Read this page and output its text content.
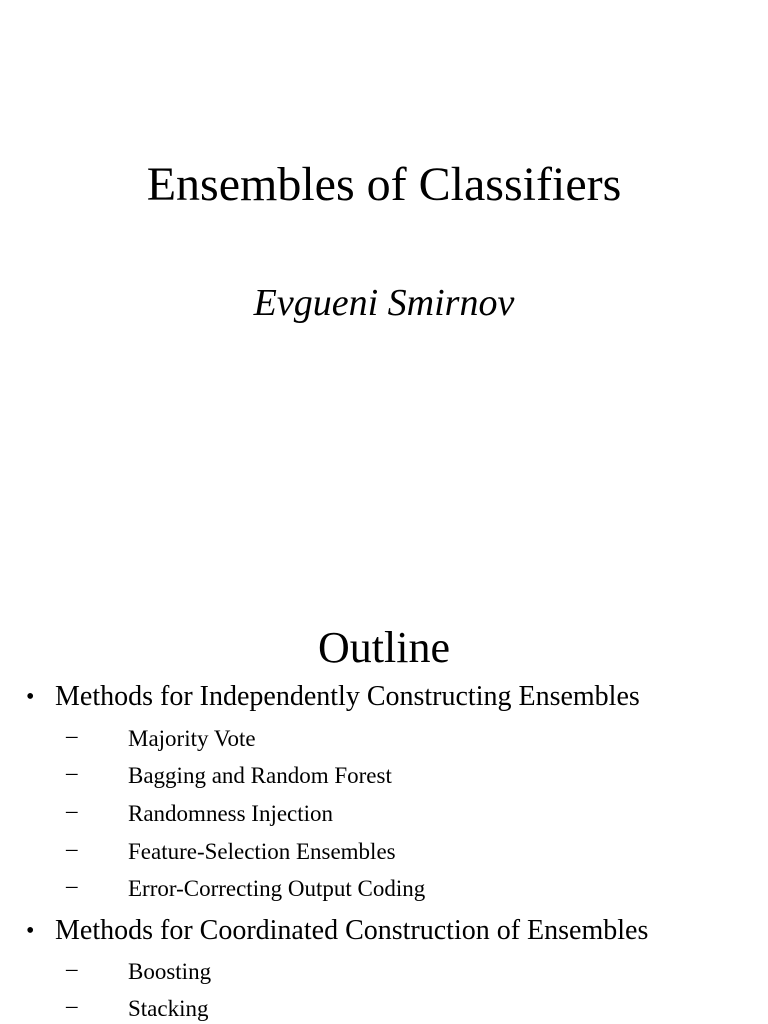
Ensembles of Classifiers
Evgueni Smirnov
Outline
• Methods for Independently Constructing Ensembles
– Majority Vote
– Bagging and Random Forest
– Randomness Injection
– Feature-Selection Ensembles
– Error-Correcting Output Coding
• Methods for Coordinated Construction of Ensembles
– Boosting
– Stacking
